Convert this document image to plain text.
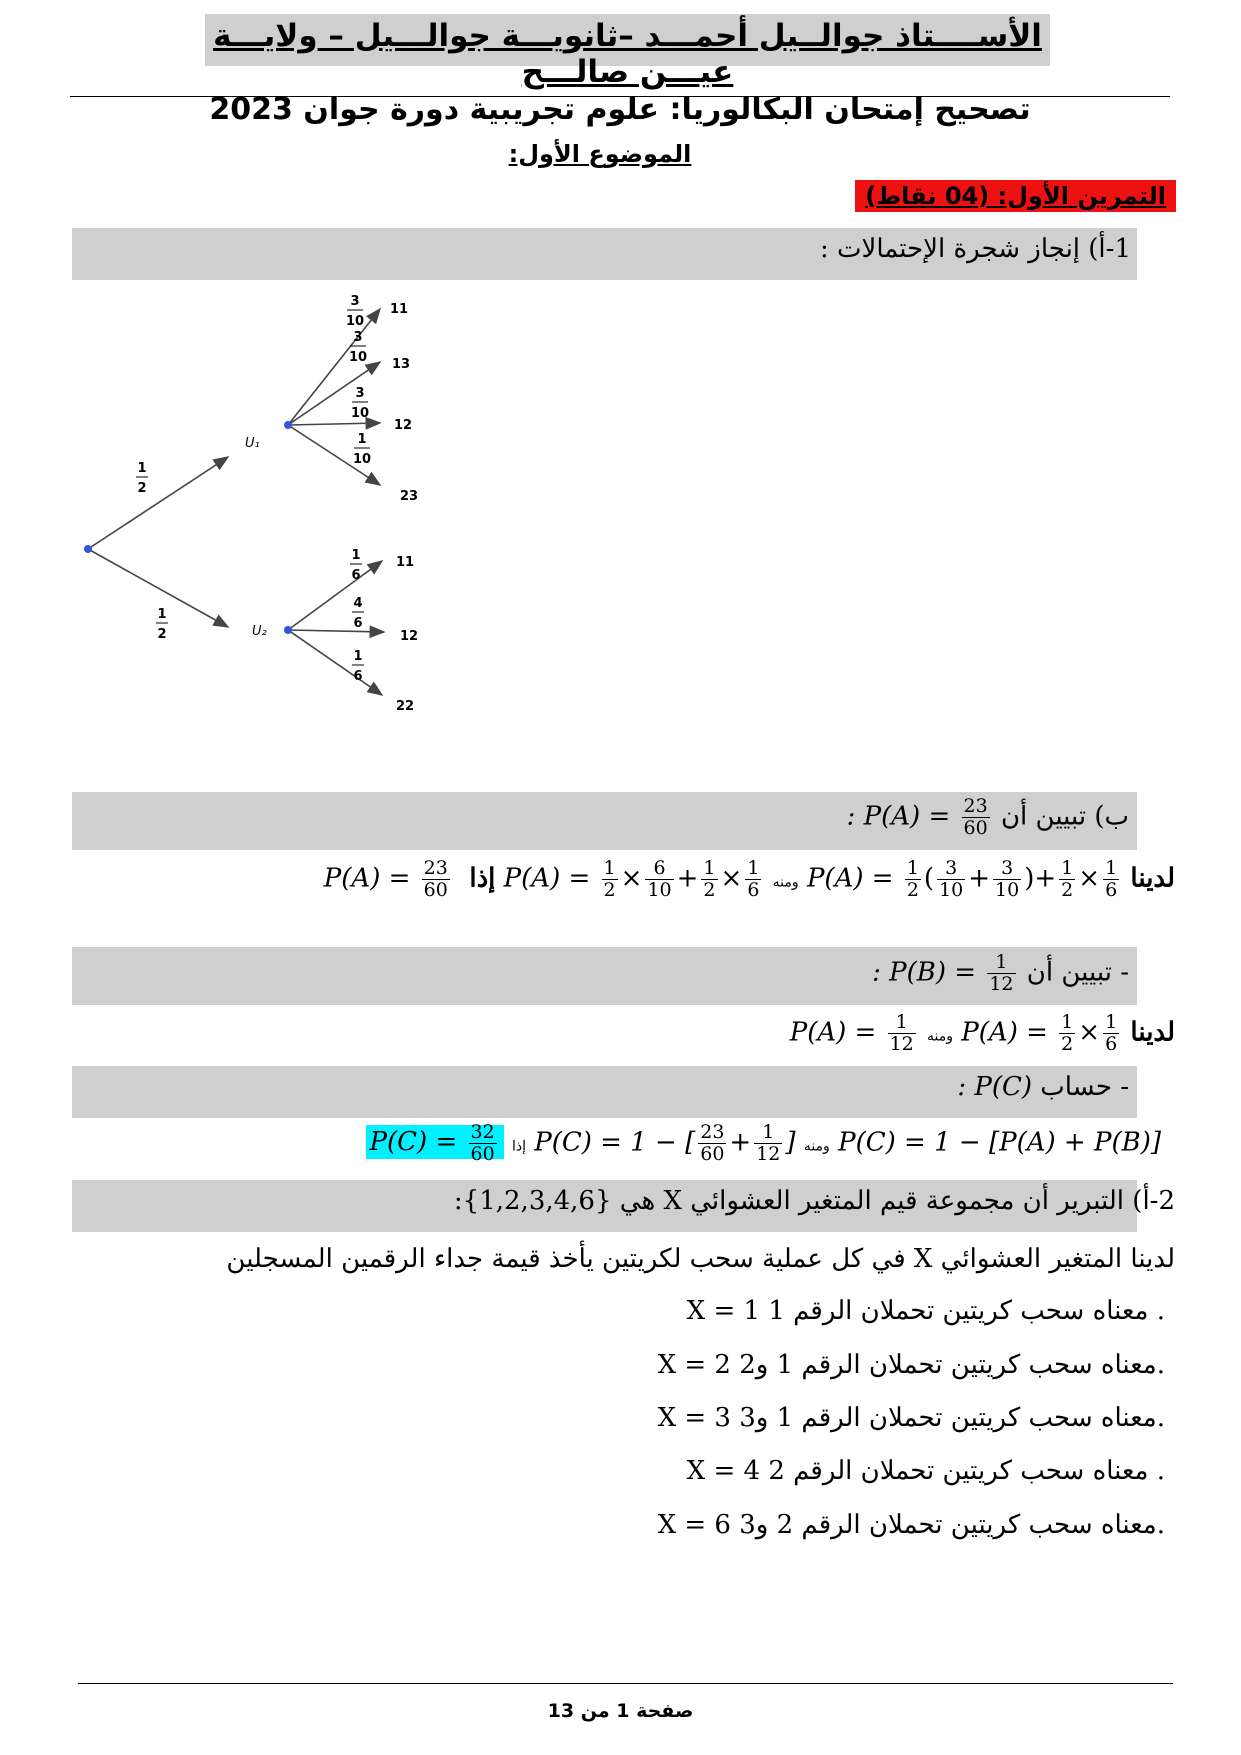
الأســــتاذ جوالــيل أحمـــد –ثانويـــة جوالـــيل – ولايـــة عيـــن صالـــح
تصحيح إمتحان البكالوريا: علوم تجريبية دورة جوان 2023
الموضوع الأول:
التمرين الأول: (04 نقاط)
1-أ) إنجاز شجرة الإحتمالات :
U₁
U₂
1
2
1
2
3
10
3
10
3
10
1
10
1
6
4
6
1
6
11
13
12
23
11
12
22
: $P(A) = \frac{23}{60}$ ب) تبيين أن
$P(A) = \frac{23}{60}$ إذا $P(A) = \frac{1}{2} \times \frac{6}{10} + \frac{1}{2} \times \frac{1}{6}$ ومنه $P(A) = \frac{1}{2}$ ( $\frac{3}{10} + \frac{3}{10}$ )+ $\frac{1}{2} \times \frac{1}{6}$ لدينا
: $P(B) = \frac{1}{12}$ - تبيين أن
$P(A) = \frac{1}{12}$ ومنه $P(A) = \frac{1}{2} \times \frac{1}{6}$ لدينا
: P(C) - حساب
$P(C) = \frac{32}{60}$ إذا P(C) = 1 − [ $\frac{23}{60} + \frac{1}{12}$ ] ومنه P(C) = 1 − [P(A) + P(B)]
2-أ) التبرير أن مجموعة قيم المتغير العشوائي X هي {1,2,3,4,6}:
لدينا المتغير العشوائي X في كل عملية سحب لكريتين يأخذ قيمة جداء الرقمين المسجلين
X = 1 معناه سحب كريتين تحملان الرقم 1 .
X = 2 معناه سحب كريتين تحملان الرقم 1 و2.
X = 3 معناه سحب كريتين تحملان الرقم 1 و3.
X = 4 معناه سحب كريتين تحملان الرقم 2 .
X = 6 معناه سحب كريتين تحملان الرقم 2 و3.
صفحة 1 من 13
